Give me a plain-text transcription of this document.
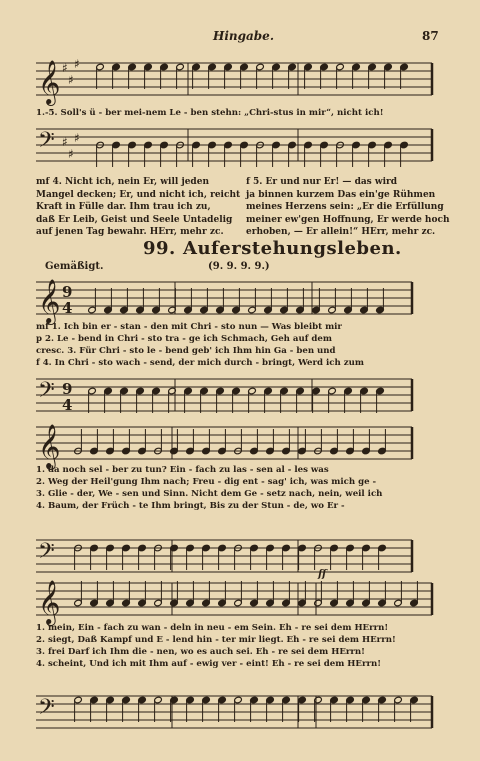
Hingabe.	87
𝄞 ♯
♯
♯
1.-5. Soll's ü - ber mei-nem Le - ben stehn: „Chri-stus in mir“, nicht ich!
𝄢 ♯
♯
♯
mf 4. Nicht ich, nein Er, will jeden
Mangel decken; Er, und nicht ich, reicht
Kraft in Fülle dar. Ihm trau ich zu,
daß Er Leib, Geist und Seele Untadelig
auf jenen Tag bewahr. HErr, mehr zc.
f 5. Er und nur Er! — das wird
ja binnen kurzem Das ein'ge Rühmen
meines Herzens sein: „Er die Erfüllung
meiner ew'gen Hoffnung, Er werde hoch
erhoben, — Er allein!“ HErr, mehr zc.
99. Auferstehungsleben.
Gemäßigt.	(9. 9. 9. 9.)
𝄞 9
4
mf 1. Ich bin er - stan - den mit Chri - sto nun — Was bleibt mir
p 2. Le - bend in Chri - sto tra - ge ich Schmach, Geh auf dem
cresc. 3. Für Chri - sto le - bend geb' ich Ihm hin Ga - ben und
f 4. In Chri - sto wach - send, der mich durch - bringt, Werd ich zum
𝄢 9
4
𝄞
1. da noch sel - ber zu tun? Ein - fach zu las - sen al - les was
2. Weg der Heil'gung Ihm nach; Freu - dig ent - sag' ich, was mich ge -
3. Glie - der, We - sen und Sinn. Nicht dem Ge - setz nach, nein, weil ich
4. Baum, der Früch - te Ihm bringt, Bis zu der Stun - de, wo Er -
𝄢
𝄞
ff
1. mein, Ein - fach zu wan - deln in neu - em Sein. Eh - re sei dem HErrn!
2. siegt, Daß Kampf und E - lend hin - ter mir liegt. Eh - re sei dem HErrn!
3. frei Darf ich Ihm die - nen, wo es auch sei. Eh - re sei dem HErrn!
4. scheint, Und ich mit Ihm auf - ewig ver - eint! Eh - re sei dem HErrn!
𝄢
